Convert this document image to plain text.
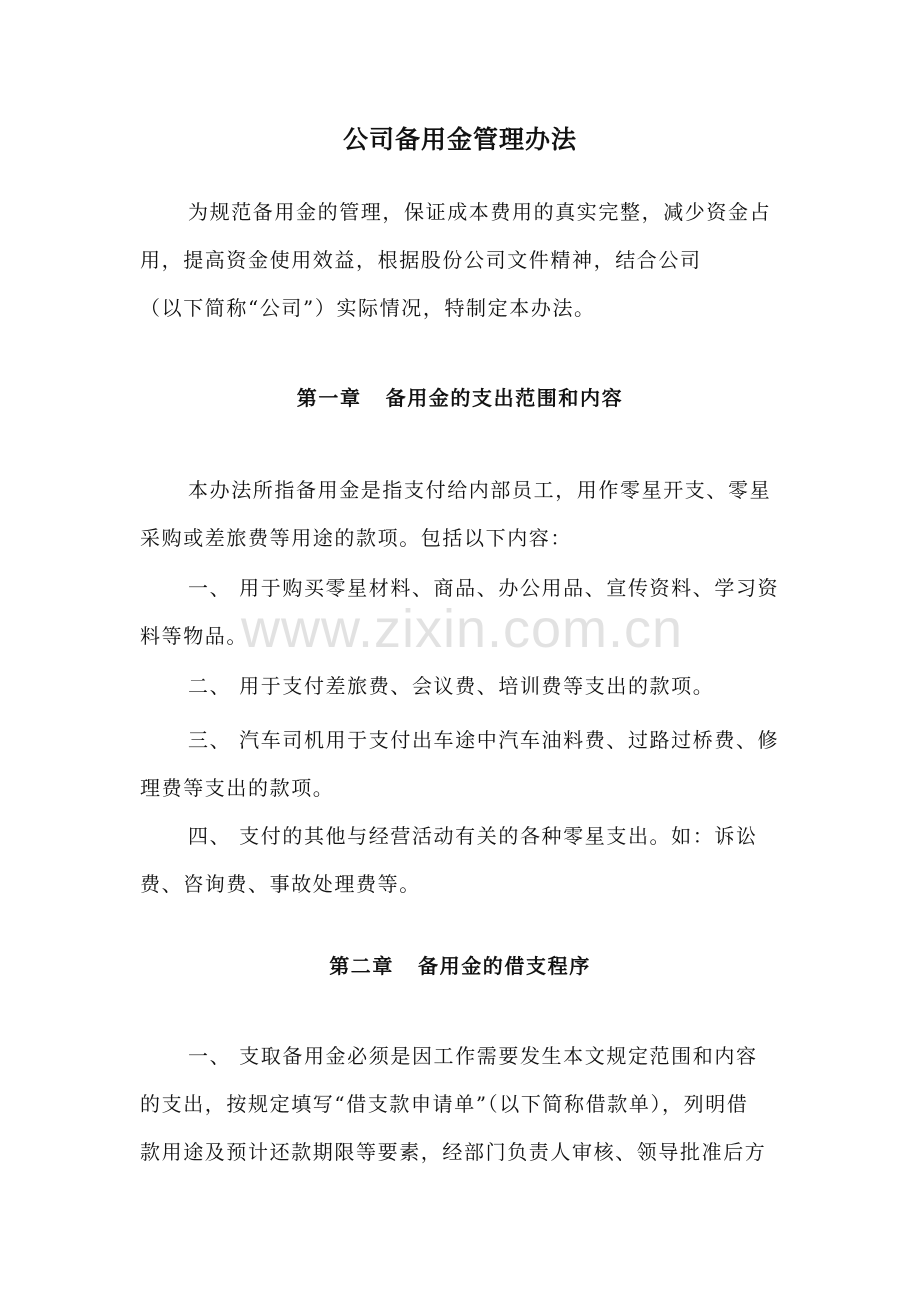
公司备用金管理办法

为规范备用金的管理，保证成本费用的真实完整，减少资金占
用，提高资金使用效益，根据股份公司文件精神，结合公司
（以下简称“公司”）实际情况，特制定本办法。

第一章 备用金的支出范围和内容

本办法所指备用金是指支付给内部员工，用作零星开支、零星
采购或差旅费等用途的款项。包括以下内容：

一、 用于购买零星材料、商品、办公用品、宣传资料、学习资
料等物品。

二、 用于支付差旅费、会议费、培训费等支出的款项。

三、 汽车司机用于支付出车途中汽车油料费、过路过桥费、修
理费等支出的款项。

四、 支付的其他与经营活动有关的各种零星支出。如：诉讼
费、咨询费、事故处理费等。

第二章 备用金的借支程序

一、 支取备用金必须是因工作需要发生本文规定范围和内容
的支出，按规定填写“借支款申请单”（以下简称借款单），列明借
款用途及预计还款期限等要素，经部门负责人审核、领导批准后方

www.zixin.com.cn
